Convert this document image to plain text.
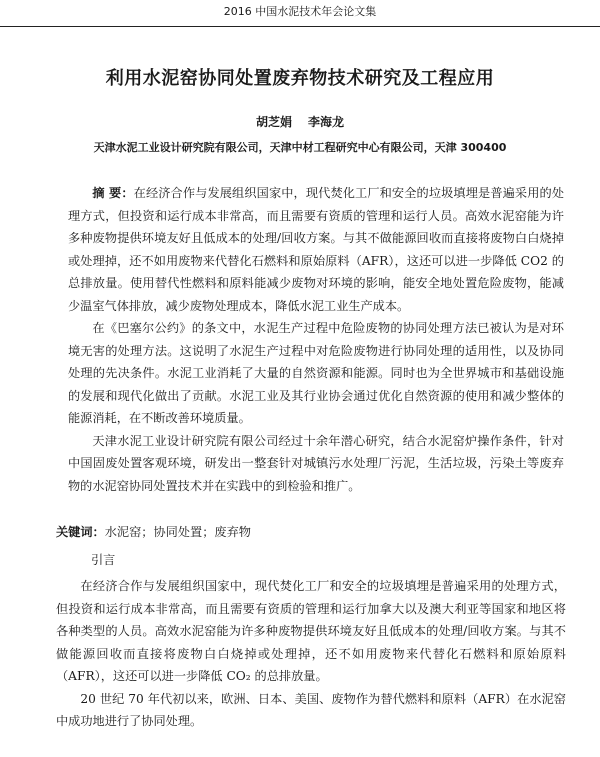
2016 中国水泥技术年会论文集
利用水泥窑协同处置废弃物技术研究及工程应用
胡芝娟 李海龙
天津水泥工业设计研究院有限公司，天津中材工程研究中心有限公司，天津 300400

摘 要：在经济合作与发展组织国家中，现代焚化工厂和安全的垃圾填埋是普遍采用的处理方式，但投资和运行成本非常高，而且需要有资质的管理和运行人员。高效水泥窑能为许多种废物提供环境友好且低成本的处理/回收方案。与其不做能源回收而直接将废物白白烧掉或处理掉，还不如用废物来代替化石燃料和原始原料（AFR），这还可以进一步降低 CO2 的总排放量。使用替代性燃料和原料能减少废物对环境的影响，能安全地处置危险废物，能减少温室气体排放，减少废物处理成本，降低水泥工业生产成本。

在《巴塞尔公约》的条文中，水泥生产过程中危险废物的协同处理方法已被认为是对环境无害的处理方法。这说明了水泥生产过程中对危险废物进行协同处理的适用性，以及协同处理的先决条件。水泥工业消耗了大量的自然资源和能源。同时也为全世界城市和基础设施的发展和现代化做出了贡献。水泥工业及其行业协会通过优化自然资源的使用和减少整体的能源消耗，在不断改善环境质量。

天津水泥工业设计研究院有限公司经过十余年潜心研究，结合水泥窑炉操作条件，针对中国固废处置客观环境，研发出一整套针对城镇污水处理厂污泥，生活垃圾，污染土等废弃物的水泥窑协同处置技术并在实践中的到检验和推广。

关键词：水泥窑；协同处置；废弃物
引言

在经济合作与发展组织国家中，现代焚化工厂和安全的垃圾填埋是普遍采用的处理方式，但投资和运行成本非常高，而且需要有资质的管理和运行加拿大以及澳大利亚等国家和地区将各种类型的人员。高效水泥窑能为许多种废物提供环境友好且低成本的处理/回收方案。与其不做能源回收而直接将废物白白烧掉或处理掉，还不如用废物来代替化石燃料和原始原料（AFR），这还可以进一步降低 CO₂ 的总排放量。

20 世纪 70 年代初以来，欧洲、日本、美国、废物作为替代燃料和原料（AFR）在水泥窑中成功地进行了协同处理。
